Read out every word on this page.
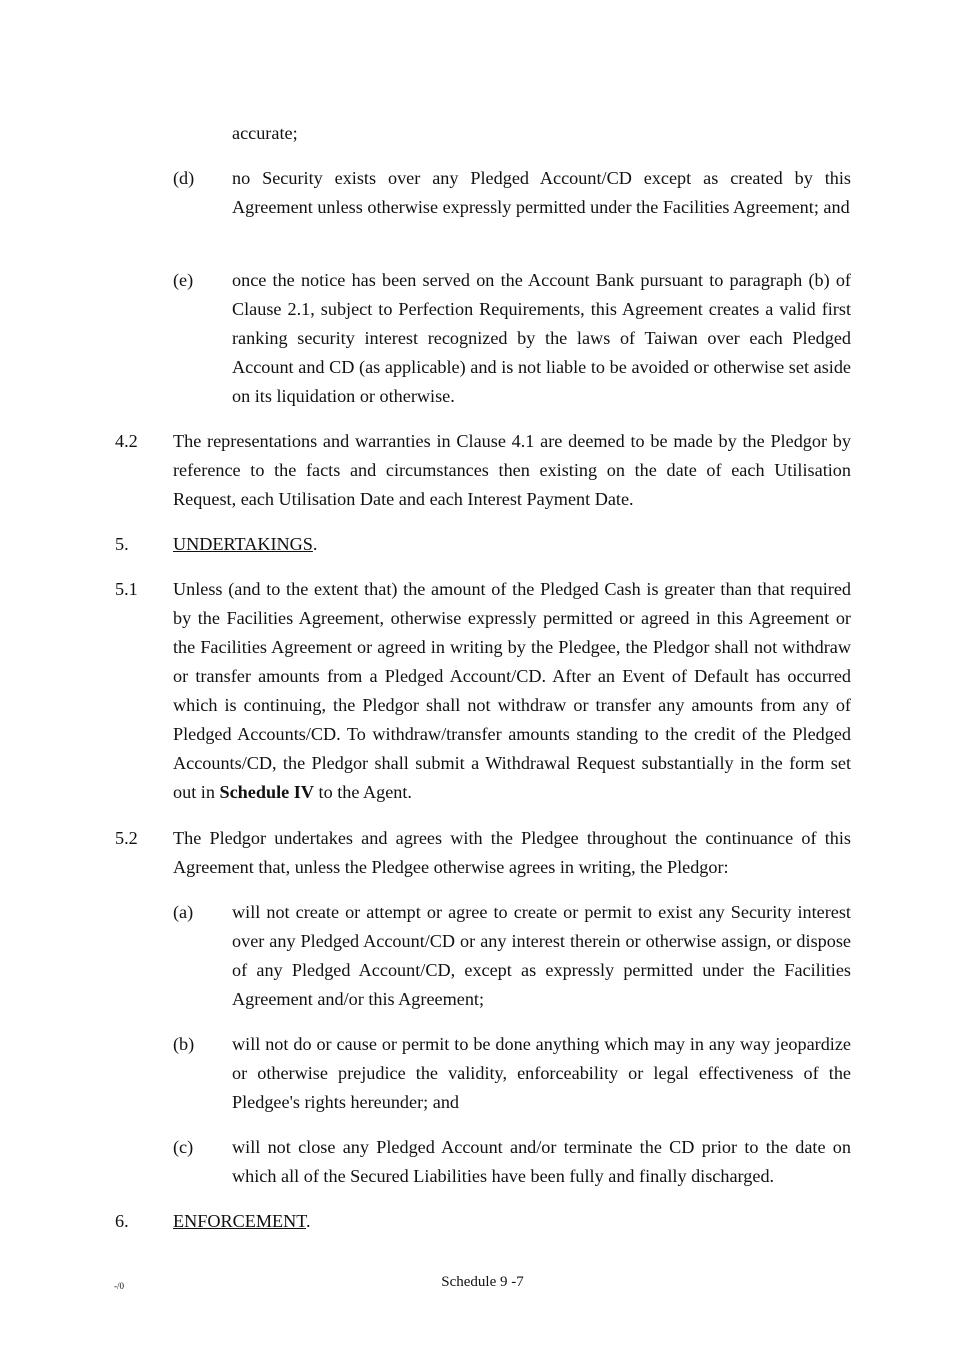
accurate;

(d) no Security exists over any Pledged Account/CD except as created by this Agreement unless otherwise expressly permitted under the Facilities Agreement; and

(e) once the notice has been served on the Account Bank pursuant to paragraph (b) of Clause 2.1, subject to Perfection Requirements, this Agreement creates a valid first ranking security interest recognized by the laws of Taiwan over each Pledged Account and CD (as applicable) and is not liable to be avoided or otherwise set aside on its liquidation or otherwise.

4.2 The representations and warranties in Clause 4.1 are deemed to be made by the Pledgor by reference to the facts and circumstances then existing on the date of each Utilisation Request, each Utilisation Date and each Interest Payment Date.

5. UNDERTAKINGS.

5.1 Unless (and to the extent that) the amount of the Pledged Cash is greater than that required by the Facilities Agreement, otherwise expressly permitted or agreed in this Agreement or the Facilities Agreement or agreed in writing by the Pledgee, the Pledgor shall not withdraw or transfer amounts from a Pledged Account/CD. After an Event of Default has occurred which is continuing, the Pledgor shall not withdraw or transfer any amounts from any of Pledged Accounts/CD. To withdraw/transfer amounts standing to the credit of the Pledged Accounts/CD, the Pledgor shall submit a Withdrawal Request substantially in the form set out in Schedule IV to the Agent.

5.2 The Pledgor undertakes and agrees with the Pledgee throughout the continuance of this Agreement that, unless the Pledgee otherwise agrees in writing, the Pledgor:

(a) will not create or attempt or agree to create or permit to exist any Security interest over any Pledged Account/CD or any interest therein or otherwise assign, or dispose of any Pledged Account/CD, except as expressly permitted under the Facilities Agreement and/or this Agreement;

(b) will not do or cause or permit to be done anything which may in any way jeopardize or otherwise prejudice the validity, enforceability or legal effectiveness of the Pledgee's rights hereunder; and

(c) will not close any Pledged Account and/or terminate the CD prior to the date on which all of the Secured Liabilities have been fully and finally discharged.

6. ENFORCEMENT.

-/0	Schedule 9 -7
